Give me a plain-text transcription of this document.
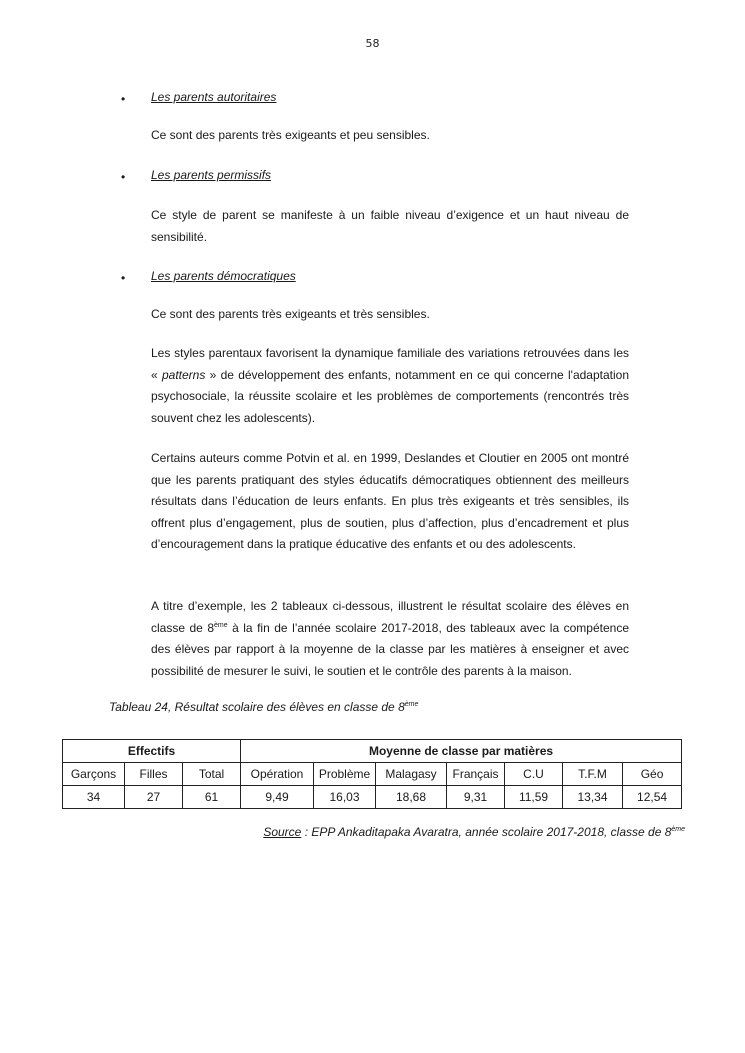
58
• Les parents autoritaires
Ce sont des parents très exigeants et peu sensibles.
• Les parents permissifs
Ce style de parent se manifeste à un faible niveau d’exigence et un haut niveau de sensibilité.
• Les parents démocratiques
Ce sont des parents très exigeants et très sensibles.
Les styles parentaux favorisent la dynamique familiale des variations retrouvées dans les « patterns » de développement des enfants, notamment en ce qui concerne l'adaptation psychosociale, la réussite scolaire et les problèmes de comportements (rencontrés très souvent chez les adolescents).
Certains auteurs comme Potvin et al. en 1999, Deslandes et Cloutier en 2005 ont montré que les parents pratiquant des styles éducatifs démocratiques obtiennent des meilleurs résultats dans l’éducation de leurs enfants. En plus très exigeants et très sensibles, ils offrent plus d’engagement, plus de soutien, plus d’affection, plus d’encadrement et plus d’encouragement dans la pratique éducative des enfants et ou des adolescents.
A titre d’exemple, les 2 tableaux ci-dessous, illustrent le résultat scolaire des élèves en classe de 8ème à la fin de l’année scolaire 2017-2018, des tableaux avec la compétence des élèves par rapport à la moyenne de la classe par les matières à enseigner et avec possibilité de mesurer le suivi, le soutien et le contrôle des parents à la maison.
Tableau 24, Résultat scolaire des élèves en classe de 8ème
Effectifs			Moyenne de classe par matières						
Garçons	Filles	Total	Opération	Problème	Malagasy	Français	C.U	T.F.M	Géo
34	27	61	9,49	16,03	18,68	9,31	11,59	13,34	12,54
Source : EPP Ankaditapaka Avaratra, année scolaire 2017-2018, classe de 8ème
